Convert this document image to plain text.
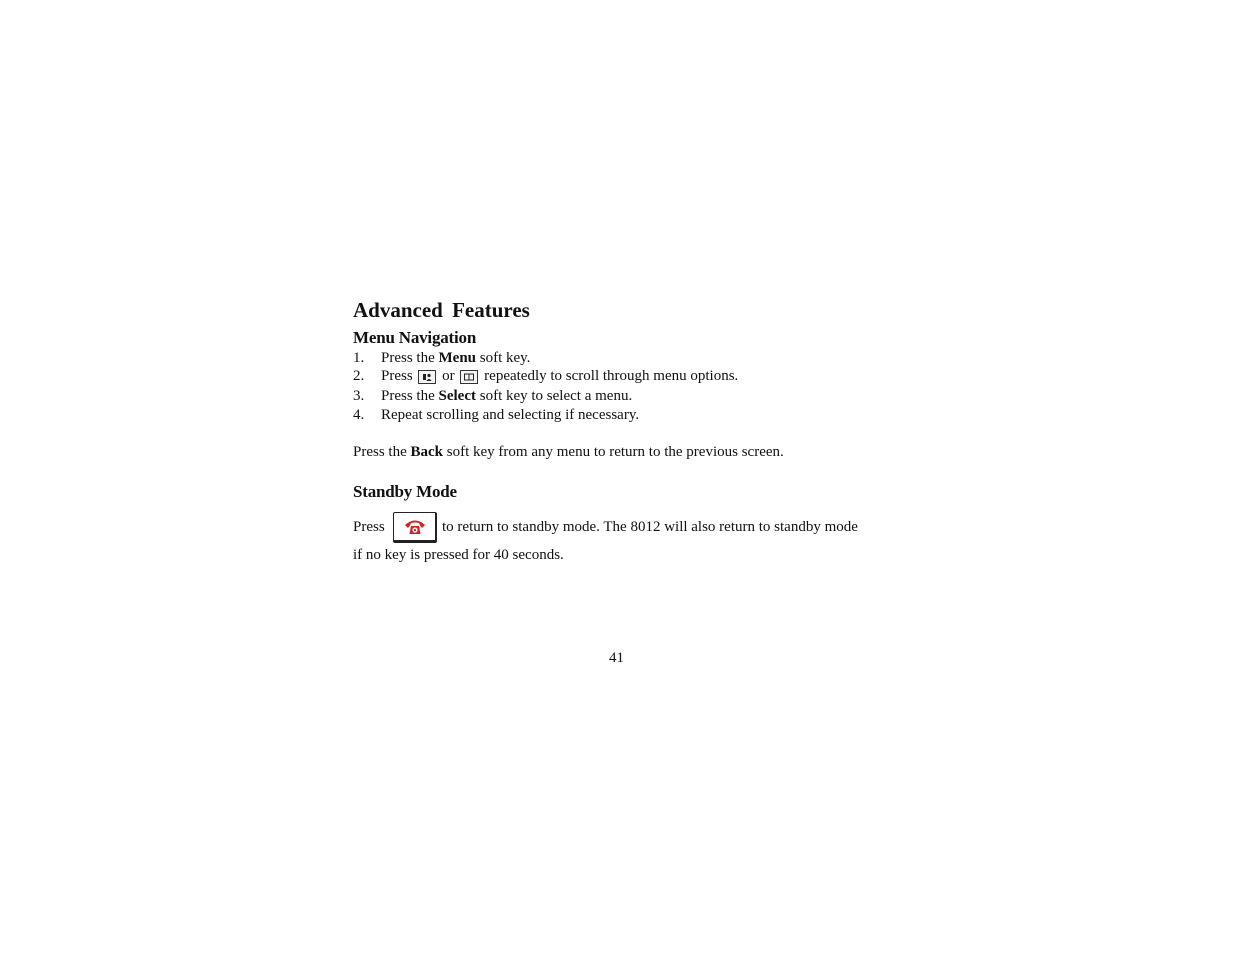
Advanced Features
Menu Navigation
1. Press the Menu soft key.
2. Press
or
repeatedly to scroll through menu options.
3. Press the Select soft key to select a menu.
4. Repeat scrolling and selecting if necessary.
Press the Back soft key from any menu to return to the previous screen.
Standby Mode
Press	to return to standby mode. The 8012 will also return to standby mode
if no key is pressed for 40 seconds.
41
